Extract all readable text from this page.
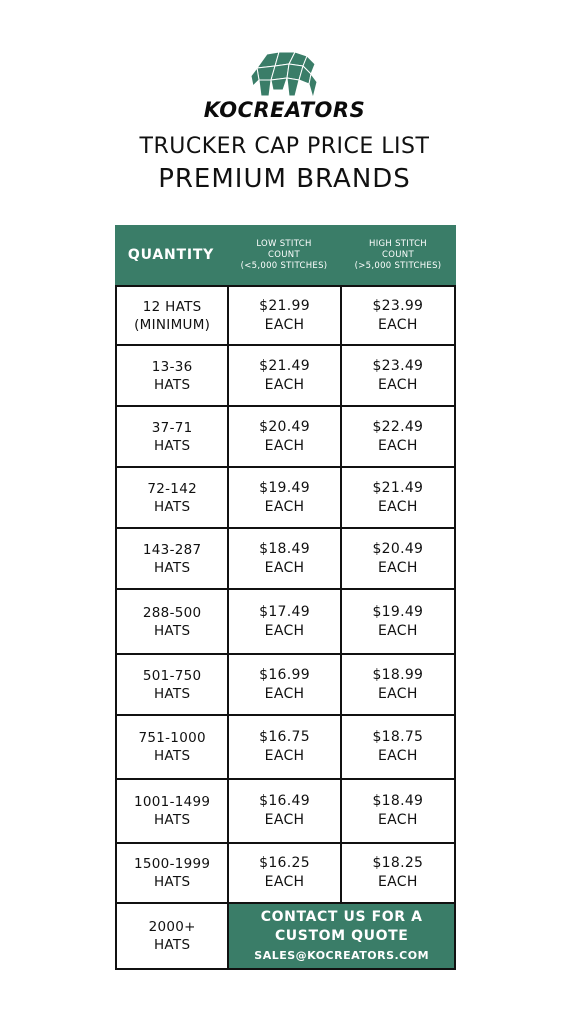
KOCREATORS
TRUCKER CAP PRICE LIST
PREMIUM BRANDS
QUANTITY
LOW STITCH
COUNT
(<5,000 STITCHES)
HIGH STITCH
COUNT
(>5,000 STITCHES)
12 HATS
(MINIMUM)
$21.99
EACH
$23.99
EACH
13-36
HATS
$21.49
EACH
$23.49
EACH
37-71
HATS
$20.49
EACH
$22.49
EACH
72-142
HATS
$19.49
EACH
$21.49
EACH
143-287
HATS
$18.49
EACH
$20.49
EACH
288-500
HATS
$17.49
EACH
$19.49
EACH
501-750
HATS
$16.99
EACH
$18.99
EACH
751-1000
HATS
$16.75
EACH
$18.75
EACH
1001-1499
HATS
$16.49
EACH
$18.49
EACH
1500-1999
HATS
$16.25
EACH
$18.25
EACH
2000+
HATS
CONTACT US FOR A
CUSTOM QUOTE
SALES@KOCREATORS.COM
